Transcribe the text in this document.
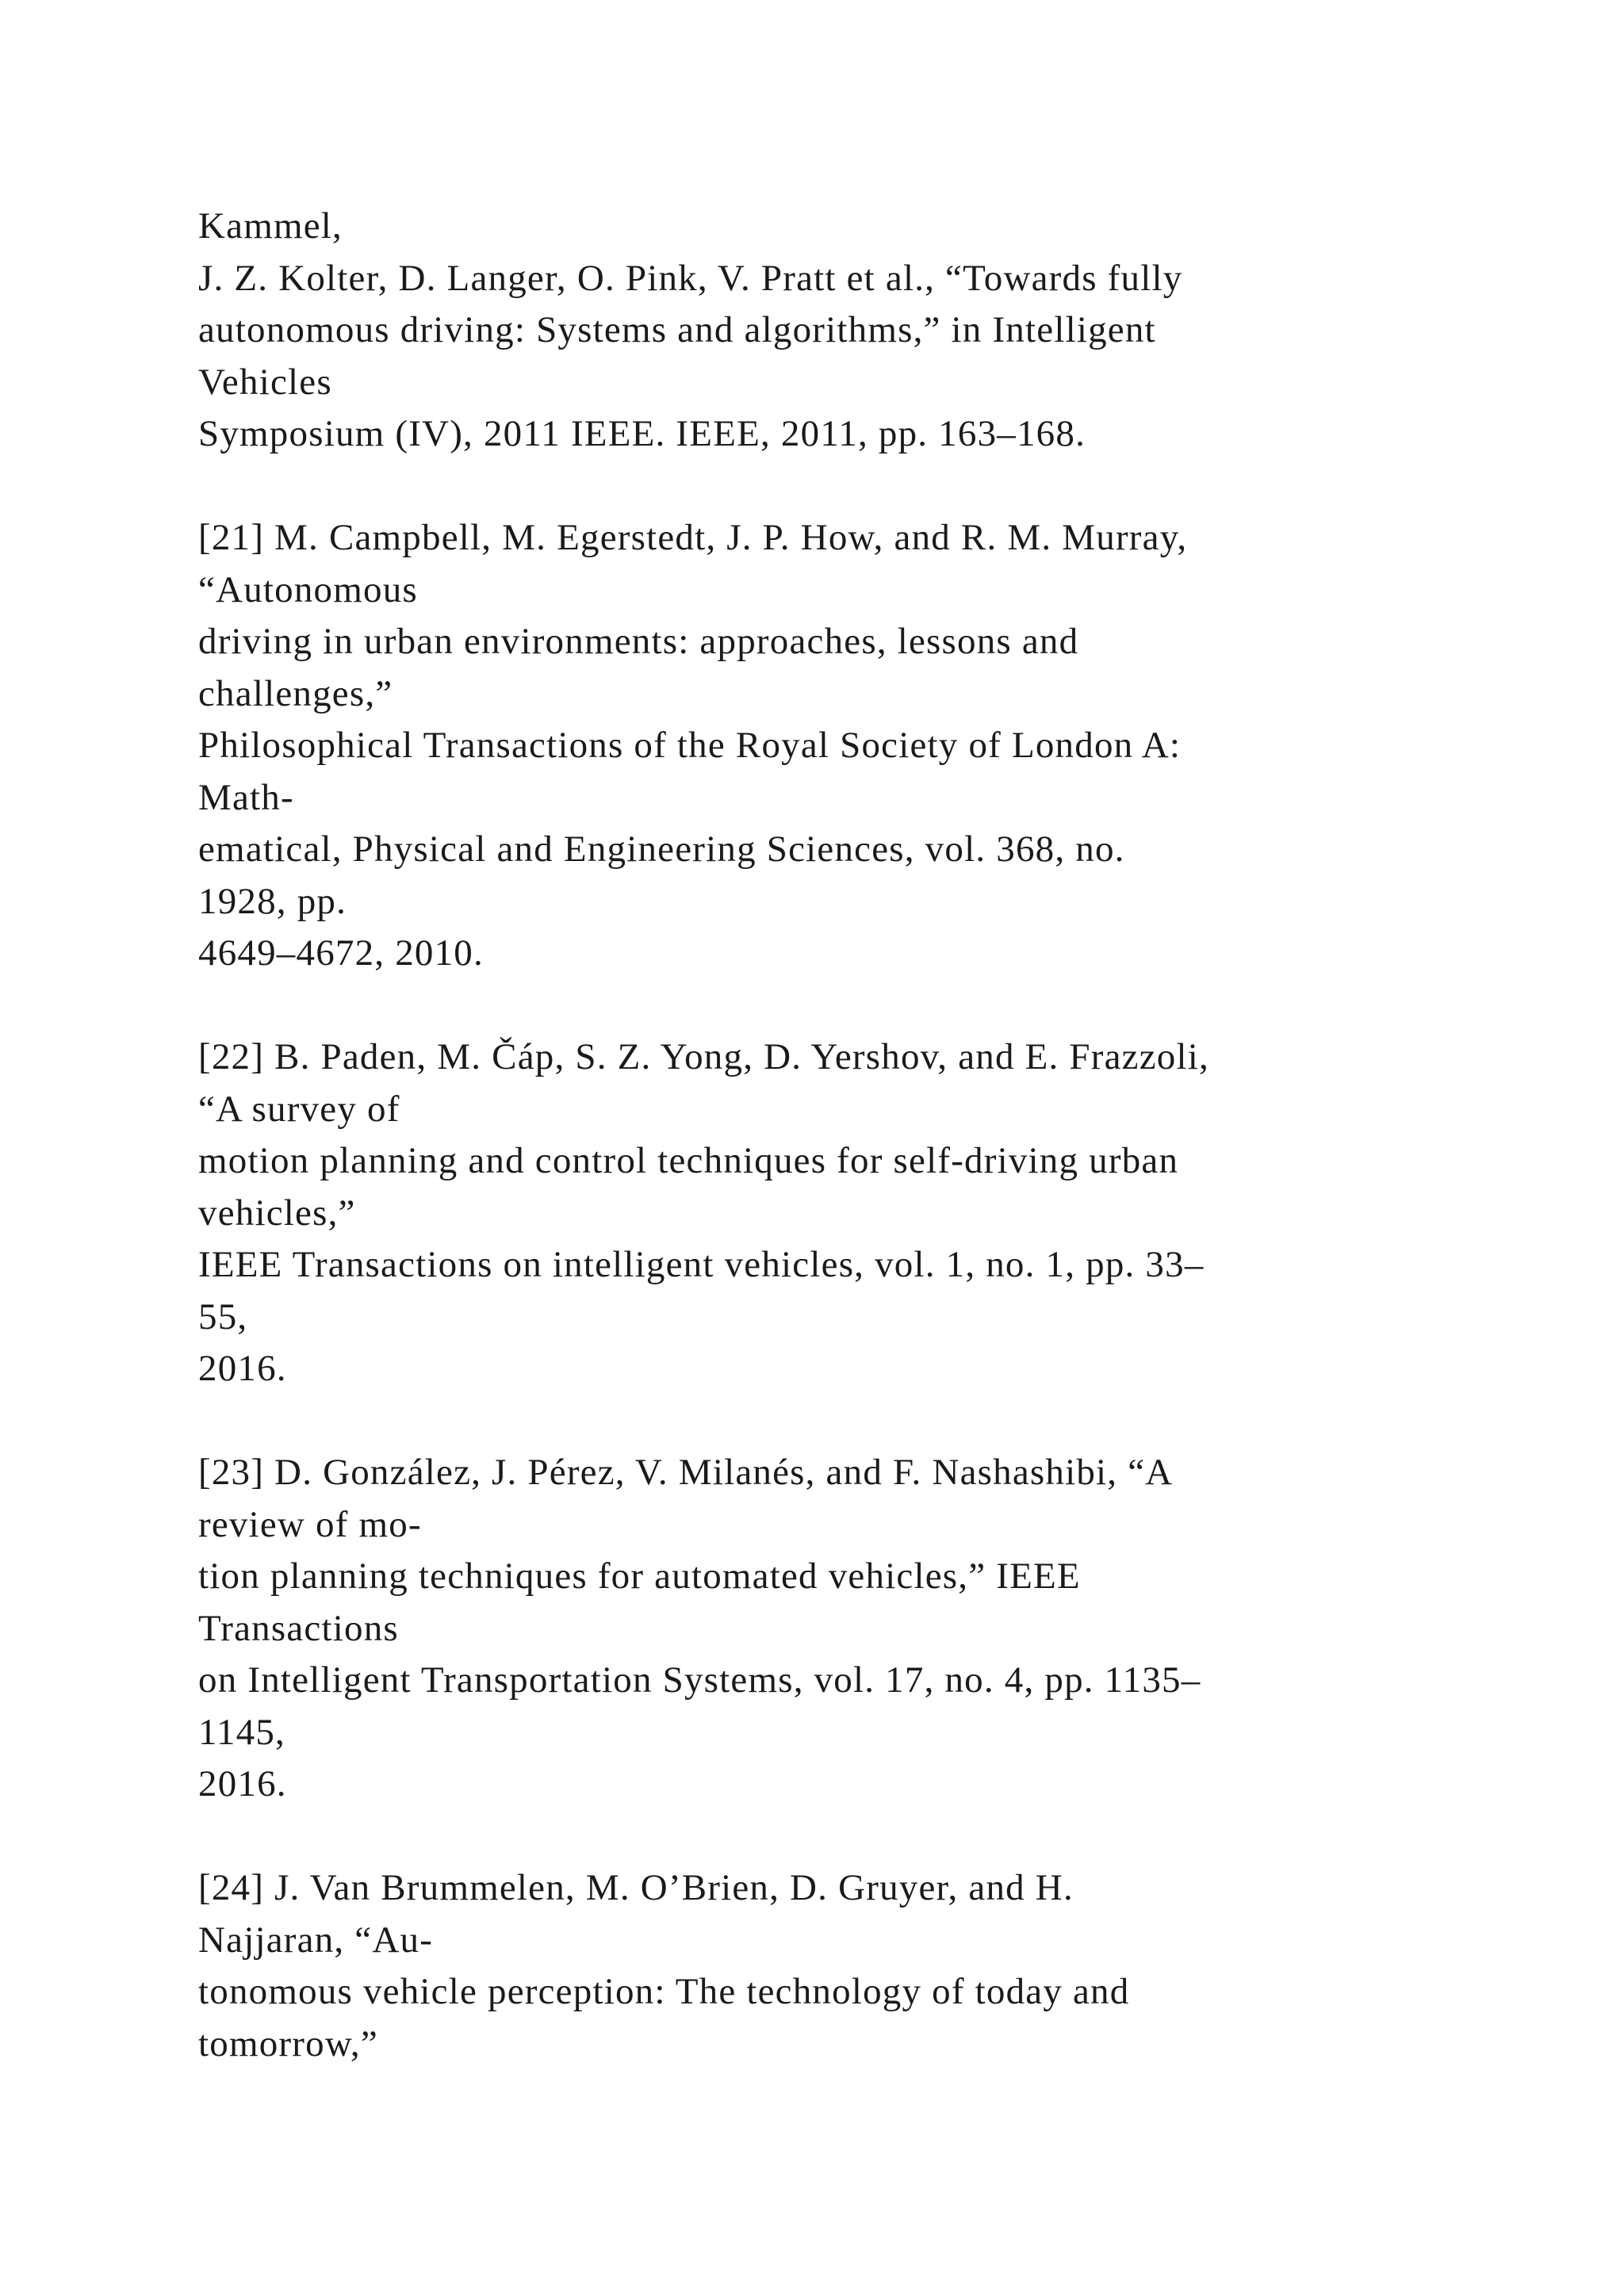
Kammel,
J. Z. Kolter, D. Langer, O. Pink, V. Pratt et al., “Towards fully
autonomous driving: Systems and algorithms,” in Intelligent
Vehicles
Symposium (IV), 2011 IEEE. IEEE, 2011, pp. 163–168.
[21] M. Campbell, M. Egerstedt, J. P. How, and R. M. Murray,
“Autonomous
driving in urban environments: approaches, lessons and
challenges,”
Philosophical Transactions of the Royal Society of London A:
Math-
ematical, Physical and Engineering Sciences, vol. 368, no.
1928, pp.
4649–4672, 2010.
[22] B. Paden, M. Čáp, S. Z. Yong, D. Yershov, and E. Frazzoli,
“A survey of
motion planning and control techniques for self-driving urban
vehicles,”
IEEE Transactions on intelligent vehicles, vol. 1, no. 1, pp. 33–
55,
2016.
[23] D. González, J. Pérez, V. Milanés, and F. Nashashibi, “A
review of mo-
tion planning techniques for automated vehicles,” IEEE
Transactions
on Intelligent Transportation Systems, vol. 17, no. 4, pp. 1135–
1145,
2016.
[24] J. Van Brummelen, M. O’Brien, D. Gruyer, and H.
Najjaran, “Au-
tonomous vehicle perception: The technology of today and
tomorrow,”
